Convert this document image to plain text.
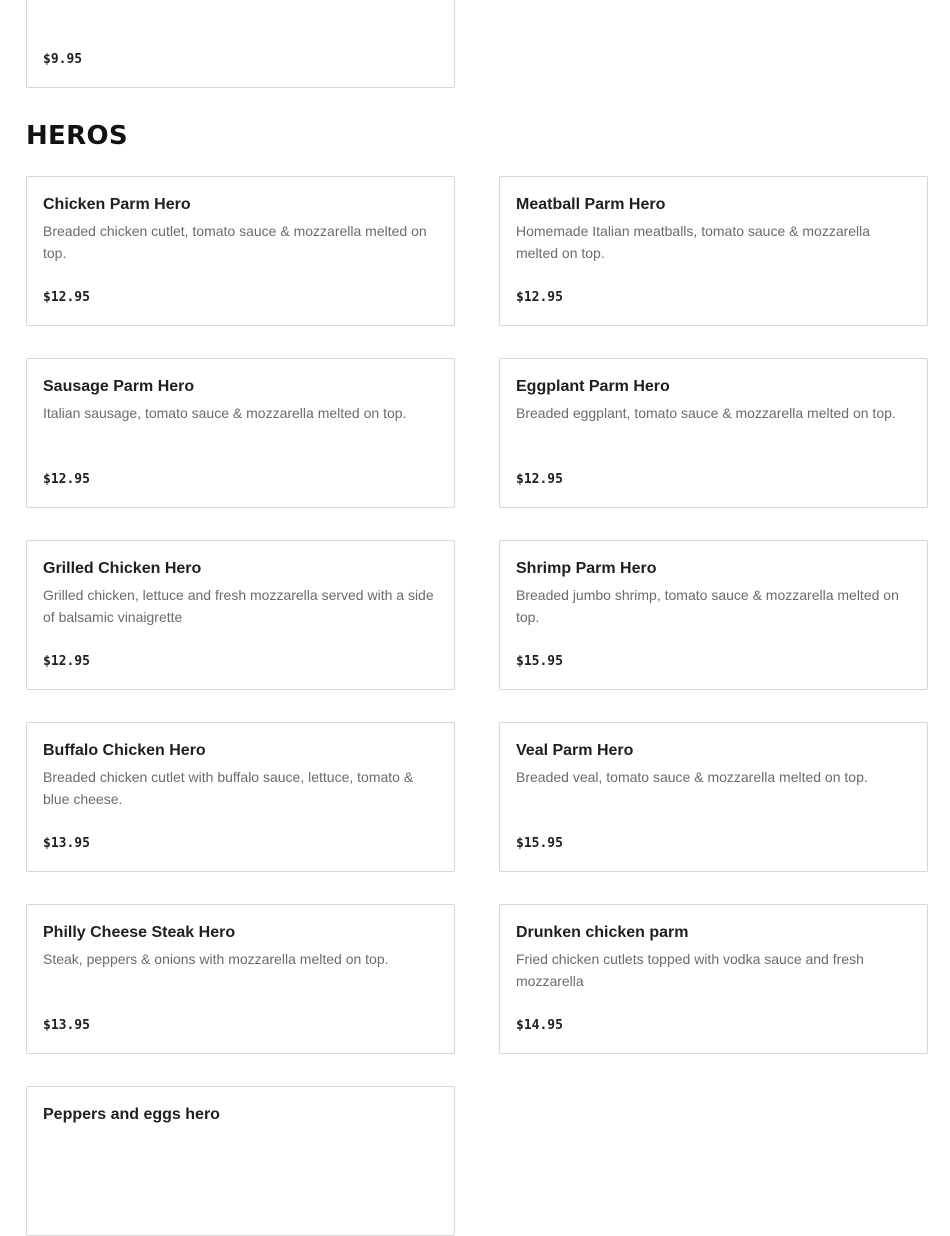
$9.95
HEROS

Chicken Parm Hero

Breaded chicken cutlet, tomato sauce & mozzarella melted on top.

$12.95

Meatball Parm Hero

Homemade Italian meatballs, tomato sauce & mozzarella melted on top.

$12.95

Sausage Parm Hero

Italian sausage, tomato sauce & mozzarella melted on top.

$12.95

Eggplant Parm Hero

Breaded eggplant, tomato sauce & mozzarella melted on top.

$12.95

Grilled Chicken Hero

Grilled chicken, lettuce and fresh mozzarella served with a side of balsamic vinaigrette

$12.95

Shrimp Parm Hero

Breaded jumbo shrimp, tomato sauce & mozzarella melted on top.

$15.95

Buffalo Chicken Hero

Breaded chicken cutlet with buffalo sauce, lettuce, tomato & blue cheese.

$13.95

Veal Parm Hero

Breaded veal, tomato sauce & mozzarella melted on top.

$15.95

Philly Cheese Steak Hero

Steak, peppers & onions with mozzarella melted on top.

$13.95

Drunken chicken parm

Fried chicken cutlets topped with vodka sauce and fresh mozzarella

$14.95

Peppers and eggs hero
